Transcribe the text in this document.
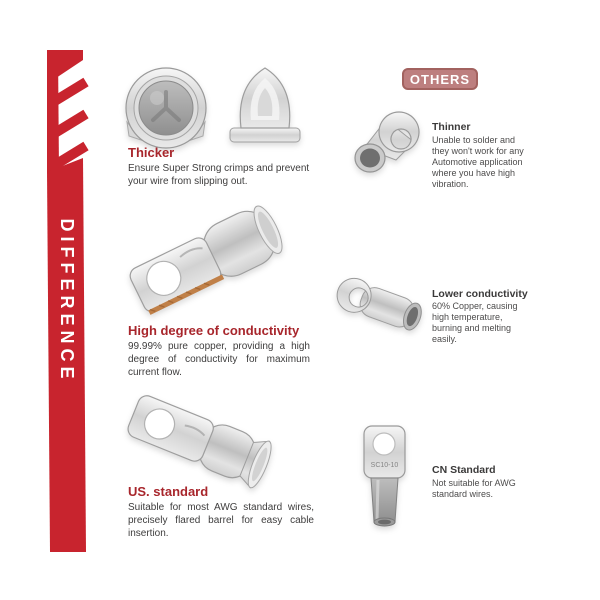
DIFFERENCE
OTHERS
Thicker
Ensure Super Strong crimps and prevent your wire from slipping out.
Thinner
Unable to solder and they won't work for any Automotive application where you have high vibration.
High degree of conductivity
99.99% pure copper, providing a high degree of conductivity for maximum current flow.
Lower conductivity
60% Copper, causing high temperature, burning and melting easily.
US. standard
Suitable for most AWG standard wires, precisely flared barrel for easy cable insertion.
SC10-10	CN Standard
Not suitable for AWG standard wires.
